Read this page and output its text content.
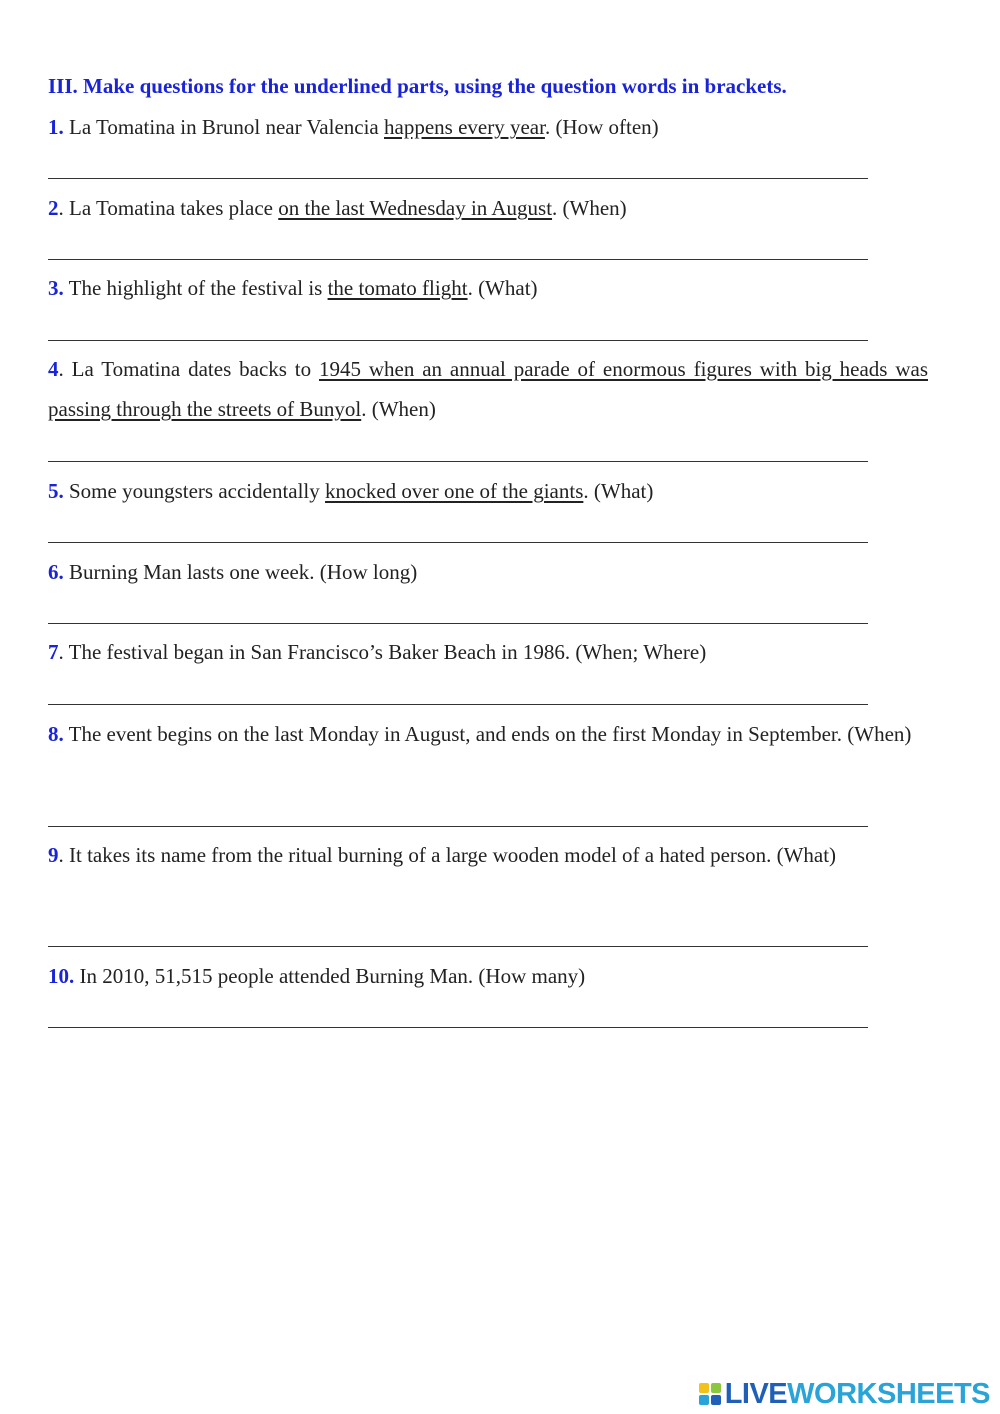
III. Make questions for the underlined parts, using the question words in brackets.
1. La Tomatina in Brunol near Valencia happens every year. (How often)
2. La Tomatina takes place on the last Wednesday in August. (When)
3. The highlight of the festival is the tomato flight. (What)
4. La Tomatina dates backs to 1945 when an annual parade of enormous figures with big heads was passing through the streets of Bunyol. (When)
5. Some youngsters accidentally knocked over one of the giants. (What)
6. Burning Man lasts one week. (How long)
7. The festival began in San Francisco’s Baker Beach in 1986. (When; Where)
8. The event begins on the last Monday in August, and ends on the first Monday in September. (When)
9. It takes its name from the ritual burning of a large wooden model of a hated person. (What)
10. In 2010, 51,515 people attended Burning Man. (How many)
LIVEWORKSHEETS
